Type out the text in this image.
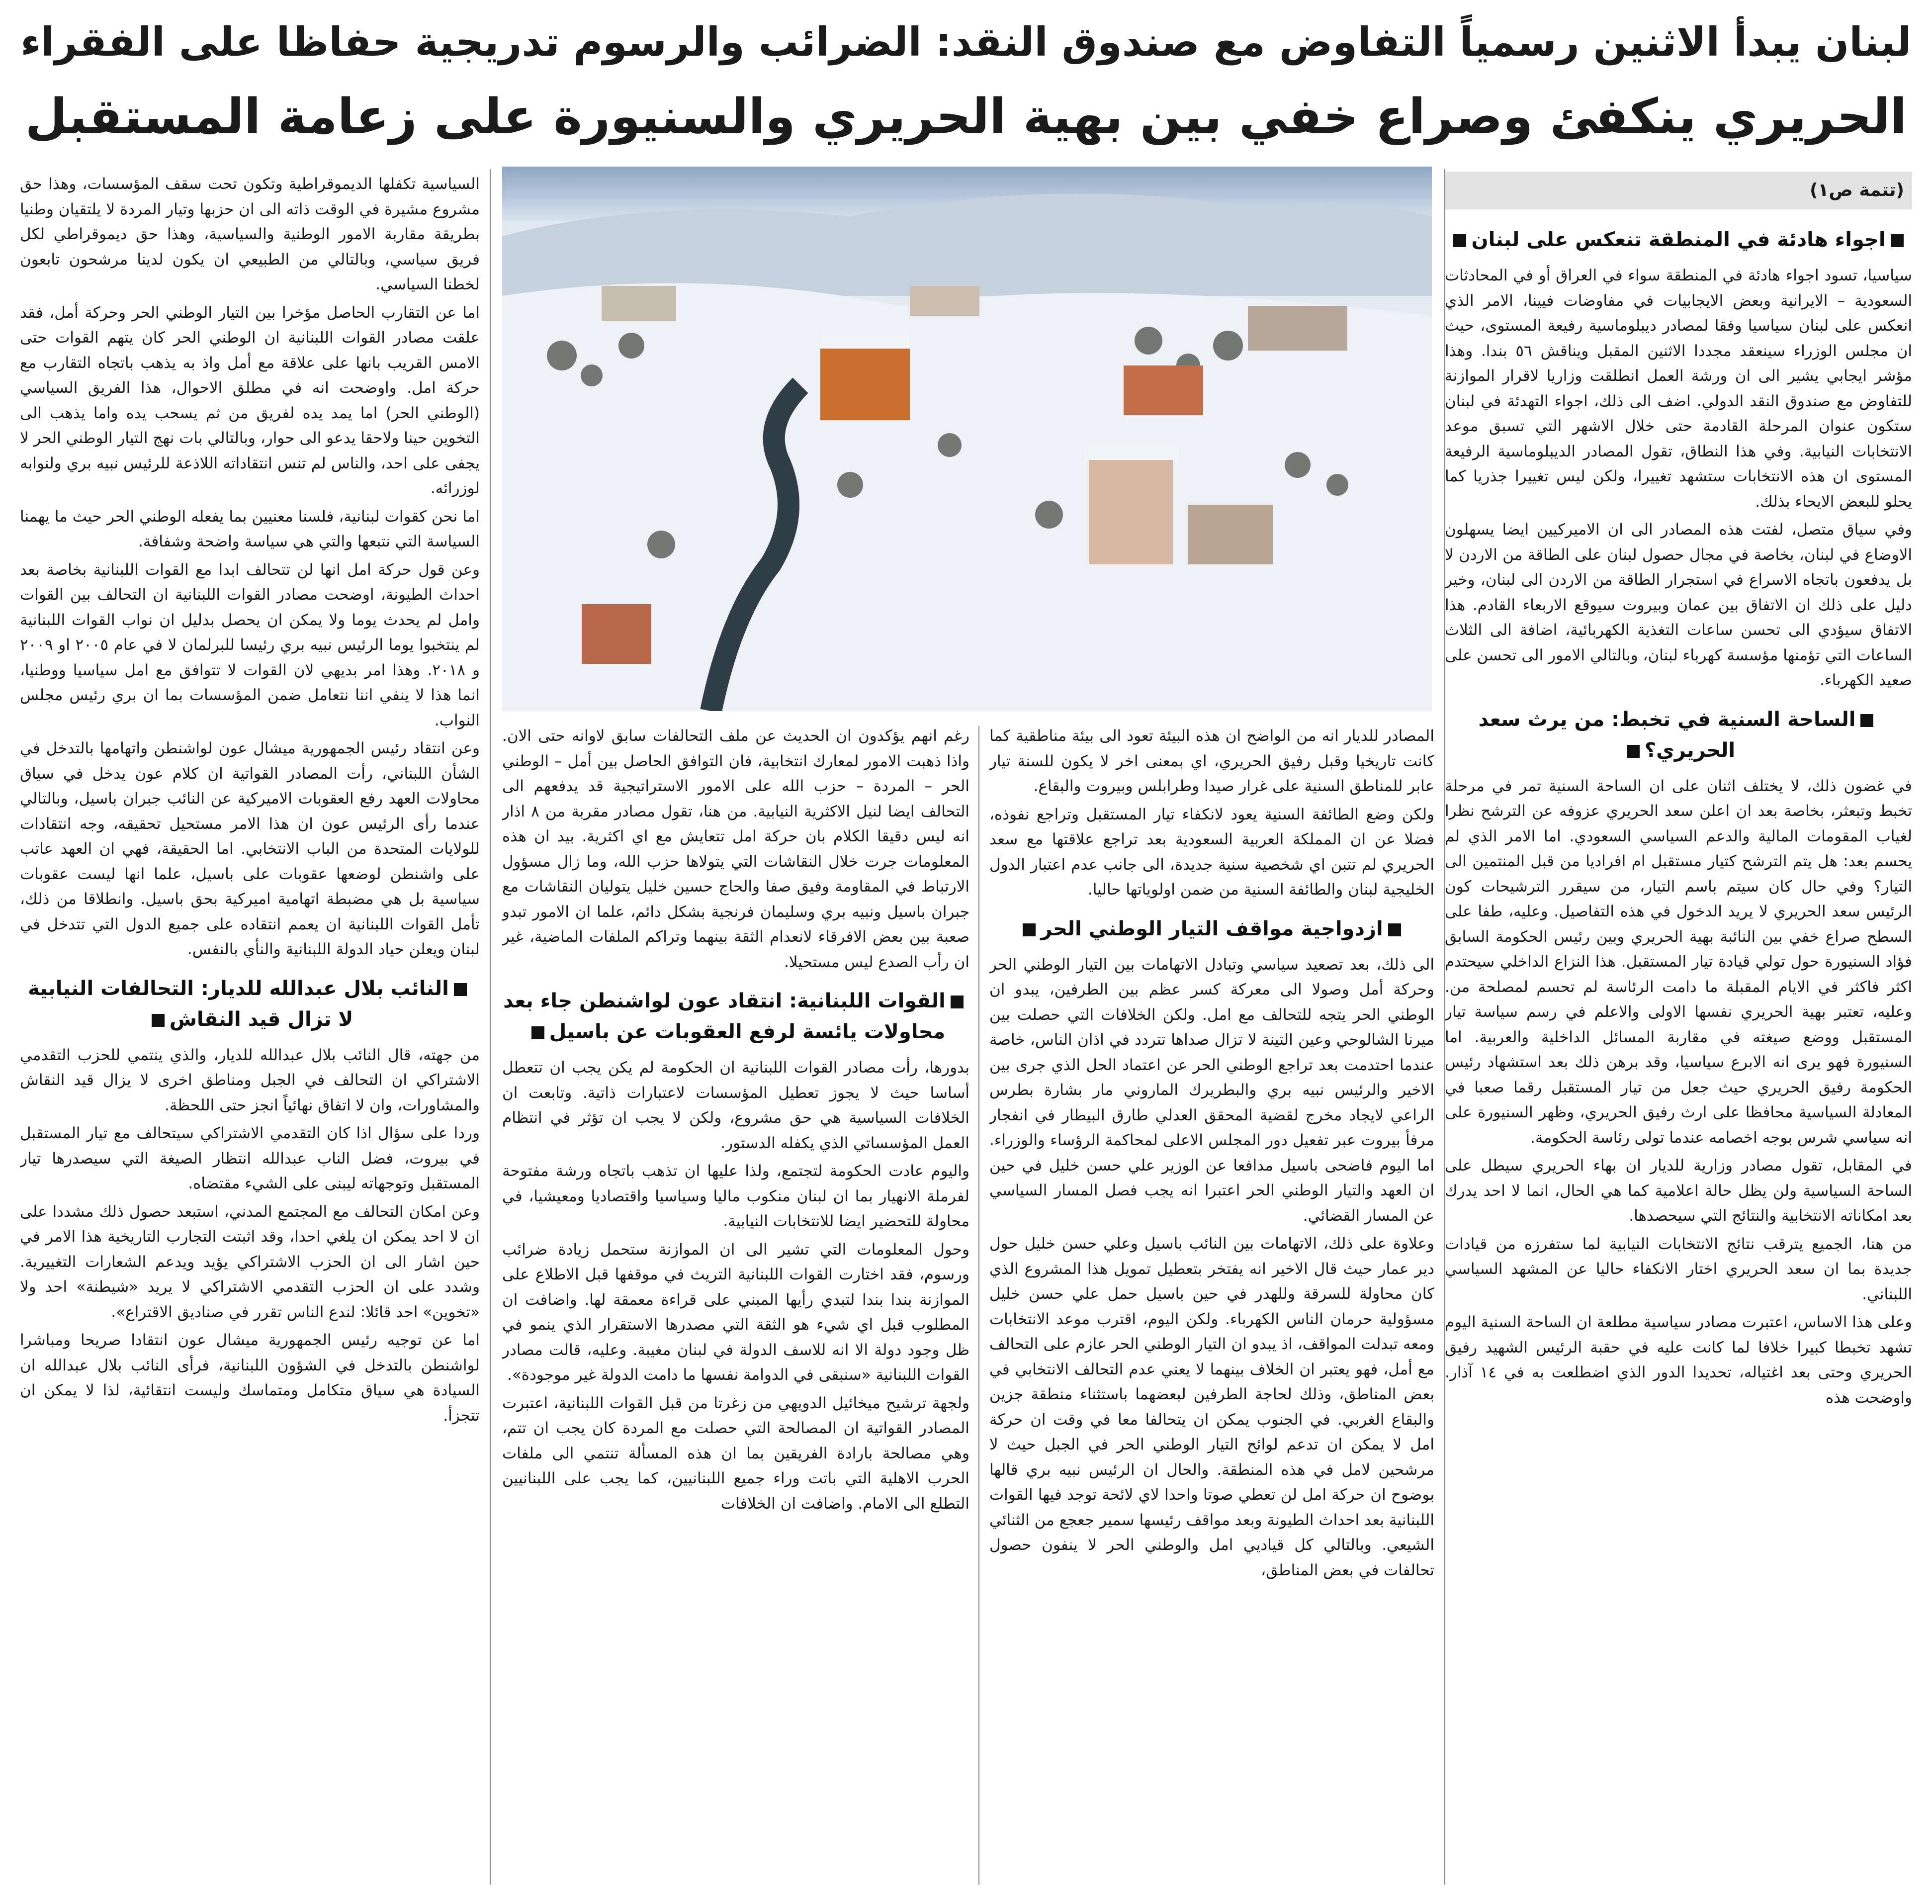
لبنان يبدأ الاثنين رسمياً التفاوض مع صندوق النقد: الضرائب والرسوم تدريجية حفاظا على الفقراء
الحريري ينكفئ وصراع خفي بين بهية الحريري والسنيورة على زعامة المستقبل
(تتمة ص١)
اجواء هادئة في المنطقة تنعكس على لبنان

سياسيا، تسود اجواء هادئة في المنطقة سواء في العراق أو في المحادثات السعودية – الايرانية وبعض الايجابيات في مفاوضات فيينا، الامر الذي انعكس على لبنان سياسيا وفقا لمصادر ديبلوماسية رفيعة المستوى، حيث ان مجلس الوزراء سينعقد مجددا الاثنين المقبل ويناقش ٥٦ بندا. وهذا مؤشر ايجابي يشير الى ان ورشة العمل انطلقت وزاريا لاقرار الموازنة للتفاوض مع صندوق النقد الدولي. اضف الى ذلك، اجواء التهدئة في لبنان ستكون عنوان المرحلة القادمة حتى خلال الاشهر التي تسبق موعد الانتخابات النيابية. وفي هذا النطاق، تقول المصادر الديبلوماسية الرفيعة المستوى ان هذه الانتخابات ستشهد تغييرا، ولكن ليس تغييرا جذريا كما يحلو للبعض الايحاء بذلك.

وفي سياق متصل، لفتت هذه المصادر الى ان الاميركيين ايضا يسهلون الاوضاع في لبنان، بخاصة في مجال حصول لبنان على الطاقة من الاردن لا بل يدفعون باتجاه الاسراع في استجرار الطاقة من الاردن الى لبنان، وخير دليل على ذلك ان الاتفاق بين عمان وبيروت سيوقع الاربعاء القادم. هذا الاتفاق سيؤدي الى تحسن ساعات التغذية الكهربائية، اضافة الى الثلاث الساعات التي تؤمنها مؤسسة كهرباء لبنان، وبالتالي الامور الى تحسن على صعيد الكهرباء.

الساحة السنية في تخبط: من يرث سعد الحريري؟

في غضون ذلك، لا يختلف اثنان على ان الساحة السنية تمر في مرحلة تخبط وتبعثر، بخاصة بعد ان اعلن سعد الحريري عزوفه عن الترشح نظرا لغياب المقومات المالية والدعم السياسي السعودي. اما الامر الذي لم يحسم بعد: هل يتم الترشح كتيار مستقبل ام افراديا من قبل المنتمين الى التيار؟ وفي حال كان سيتم باسم التيار، من سيقرر الترشيحات كون الرئيس سعد الحريري لا يريد الدخول في هذه التفاصيل. وعليه، طفا على السطح صراع خفي بين النائبة بهية الحريري وبين رئيس الحكومة السابق فؤاد السنيورة حول تولي قيادة تيار المستقبل. هذا النزاع الداخلي سيحتدم اكثر فاكثر في الايام المقبلة ما دامت الرئاسة لم تحسم لمصلحة من. وعليه، تعتبر بهية الحريري نفسها الاولى والاعلم في رسم سياسة تيار المستقبل ووضع صيغته في مقاربة المسائل الداخلية والعربية. اما السنيورة فهو يرى انه الابرع سياسيا، وقد برهن ذلك بعد استشهاد رئيس الحكومة رفيق الحريري حيث جعل من تيار المستقبل رقما صعبا في المعادلة السياسية محافظا على ارث رفيق الحريري، وظهر السنيورة على انه سياسي شرس بوجه اخصامه عندما تولى رئاسة الحكومة.

في المقابل، تقول مصادر وزارية للديار ان بهاء الحريري سيطل على الساحة السياسية ولن يظل حالة اعلامية كما هي الحال، انما لا احد يدرك بعد امكاناته الانتخابية والنتائج التي سيحصدها.

من هنا، الجميع يترقب نتائج الانتخابات النيابية لما ستفرزه من قيادات جديدة بما ان سعد الحريري اختار الانكفاء حاليا عن المشهد السياسي اللبناني.

وعلى هذا الاساس، اعتبرت مصادر سياسية مطلعة ان الساحة السنية اليوم تشهد تخبطا كبيرا خلافا لما كانت عليه في حقبة الرئيس الشهيد رفيق الحريري وحتى بعد اغتياله، تحديدا الدور الذي اضطلعت به في ١٤ آذار. واوضحت هذه

المصادر للديار انه من الواضح ان هذه البيئة تعود الى بيئة مناطقية كما كانت تاريخيا وقبل رفيق الحريري، اي بمعنى اخر لا يكون للسنة تيار عابر للمناطق السنية على غرار صيدا وطرابلس وبيروت والبقاع.

ولكن وضع الطائفة السنية يعود لانكفاء تيار المستقبل وتراجع نفوذه، فضلا عن ان المملكة العربية السعودية بعد تراجع علاقتها مع سعد الحريري لم تتبن اي شخصية سنية جديدة، الى جانب عدم اعتبار الدول الخليجية لبنان والطائفة السنية من ضمن اولوياتها حاليا.

ازدواجية مواقف التيار الوطني الحر

الى ذلك، بعد تصعيد سياسي وتبادل الاتهامات بين التيار الوطني الحر وحركة أمل وصولا الى معركة كسر عظم بين الطرفين، يبدو ان الوطني الحر يتجه للتحالف مع امل. ولكن الخلافات التي حصلت بين ميرنا الشالوحي وعين التينة لا تزال صداها تتردد في اذان الناس، خاصة عندما احتدمت بعد تراجع الوطني الحر عن اعتماد الحل الذي جرى بين الاخير والرئيس نبيه بري والبطريرك الماروني مار بشارة بطرس الراعي لايجاد مخرج لقضية المحقق العدلي طارق البيطار في انفجار مرفأ بيروت عبر تفعيل دور المجلس الاعلى لمحاكمة الرؤساء والوزراء. اما اليوم فاضحى باسيل مدافعا عن الوزير علي حسن خليل في حين ان العهد والتيار الوطني الحر اعتبرا انه يجب فصل المسار السياسي عن المسار القضائي.

وعلاوة على ذلك، الاتهامات بين النائب باسيل وعلي حسن خليل حول دير عمار حيث قال الاخير انه يفتخر بتعطيل تمويل هذا المشروع الذي كان محاولة للسرقة وللهدر في حين باسيل حمل علي حسن خليل مسؤولية حرمان الناس الكهرباء. ولكن اليوم، اقترب موعد الانتخابات ومعه تبدلت المواقف، اذ يبدو ان التيار الوطني الحر عازم على التحالف مع أمل، فهو يعتبر ان الخلاف بينهما لا يعني عدم التحالف الانتخابي في بعض المناطق، وذلك لحاجة الطرفين لبعضهما باستثناء منطقة جزين والبقاع الغربي. في الجنوب يمكن ان يتحالفا معا في وقت ان حركة امل لا يمكن ان تدعم لوائح التيار الوطني الحر في الجبل حيث لا مرشحين لامل في هذه المنطقة. والحال ان الرئيس نبيه بري قالها بوضوح ان حركة امل لن تعطي صوتا واحدا لاي لائحة توجد فيها القوات اللبنانية بعد احداث الطيونة وبعد مواقف رئيسها سمير جعجع من الثنائي الشيعي. وبالتالي كل قياديي امل والوطني الحر لا ينفون حصول تحالفات في بعض المناطق،

رغم انهم يؤكدون ان الحديث عن ملف التحالفات سابق لاوانه حتى الان. واذا ذهبت الامور لمعارك انتخابية، فان التوافق الحاصل بين أمل – الوطني الحر – المردة – حزب الله على الامور الاستراتيجية قد يدفعهم الى التحالف ايضا لنيل الاكثرية النيابية. من هنا، تقول مصادر مقربة من ٨ اذار انه ليس دقيقا الكلام بان حركة امل تتعايش مع اي اكثرية. بيد ان هذه المعلومات جرت خلال النقاشات التي يتولاها حزب الله، وما زال مسؤول الارتباط في المقاومة وفيق صفا والحاج حسين خليل يتوليان النقاشات مع جبران باسيل ونبيه بري وسليمان فرنجية بشكل دائم، علما ان الامور تبدو صعبة بين بعض الافرقاء لانعدام الثقة بينهما وتراكم الملفات الماضية، غير ان رأب الصدع ليس مستحيلا.

القوات اللبنانية: انتقاد عون لواشنطن جاء بعد محاولات يائسة لرفع العقوبات عن باسيل

بدورها، رأت مصادر القوات اللبنانية ان الحكومة لم يكن يجب ان تتعطل أساسا حيث لا يجوز تعطيل المؤسسات لاعتبارات ذاتية. وتابعت ان الخلافات السياسية هي حق مشروع، ولكن لا يجب ان تؤثر في انتظام العمل المؤسساتي الذي يكفله الدستور.

واليوم عادت الحكومة لتجتمع، ولذا عليها ان تذهب باتجاه ورشة مفتوحة لفرملة الانهيار بما ان لبنان منكوب ماليا وسياسيا واقتصاديا ومعيشيا، في محاولة للتحضير ايضا للانتخابات النيابية.

وحول المعلومات التي تشير الى ان الموازنة ستحمل زيادة ضرائب ورسوم، فقد اختارت القوات اللبنانية التريث في موقفها قبل الاطلاع على الموازنة بندا بندا لتبدي رأيها المبني على قراءة معمقة لها. واضافت ان المطلوب قبل اي شيء هو الثقة التي مصدرها الاستقرار الذي ينمو في ظل وجود دولة الا انه للاسف الدولة في لبنان مغيبة. وعليه، قالت مصادر القوات اللبنانية «سنبقى في الدوامة نفسها ما دامت الدولة غير موجودة».

ولجهة ترشيح ميخائيل الدويهي من زغرتا من قبل القوات اللبنانية، اعتبرت المصادر القواتية ان المصالحة التي حصلت مع المردة كان يجب ان تتم، وهي مصالحة بارادة الفريقين بما ان هذه المسألة تنتمي الى ملفات الحرب الاهلية التي باتت وراء جميع اللبنانيين، كما يجب على اللبنانيين التطلع الى الامام. واضافت ان الخلافات

السياسية تكفلها الديموقراطية وتكون تحت سقف المؤسسات، وهذا حق مشروع مشيرة في الوقت ذاته الى ان حزبها وتيار المردة لا يلتقيان وطنيا بطريقة مقاربة الامور الوطنية والسياسية، وهذا حق ديموقراطي لكل فريق سياسي، وبالتالي من الطبيعي ان يكون لدينا مرشحون تابعون لخطنا السياسي.

اما عن التقارب الحاصل مؤخرا بين التيار الوطني الحر وحركة أمل، فقد علقت مصادر القوات اللبنانية ان الوطني الحر كان يتهم القوات حتى الامس القريب بانها على علاقة مع أمل واذ به يذهب باتجاه التقارب مع حركة امل. واوضحت انه في مطلق الاحوال، هذا الفريق السياسي (الوطني الحر) اما يمد يده لفريق من ثم يسحب يده واما يذهب الى التخوين حينا ولاحقا يدعو الى حوار، وبالتالي بات نهج التيار الوطني الحر لا يجفى على احد، والناس لم تنس انتقاداته اللاذعة للرئيس نبيه بري ولنوابه لوزرائه.

اما نحن كقوات لبنانية، فلسنا معنيين بما يفعله الوطني الحر حيث ما يهمنا السياسة التي نتبعها والتي هي سياسة واضحة وشفافة.

وعن قول حركة امل انها لن تتحالف ابدا مع القوات اللبنانية بخاصة بعد احداث الطيونة، اوضحت مصادر القوات اللبنانية ان التحالف بين القوات وامل لم يحدث يوما ولا يمكن ان يحصل بدليل ان نواب القوات اللبنانية لم ينتخبوا يوما الرئيس نبيه بري رئيسا للبرلمان لا في عام ٢٠٠٥ او ٢٠٠٩ و ٢٠١٨. وهذا امر بديهي لان القوات لا تتوافق مع امل سياسيا ووطنيا، انما هذا لا ينفي اننا نتعامل ضمن المؤسسات بما ان بري رئيس مجلس النواب.

وعن انتقاد رئيس الجمهورية ميشال عون لواشنطن واتهامها بالتدخل في الشأن اللبناني، رأت المصادر القواتية ان كلام عون يدخل في سياق محاولات العهد رفع العقوبات الاميركية عن النائب جبران باسيل، وبالتالي عندما رأى الرئيس عون ان هذا الامر مستحيل تحقيقه، وجه انتقادات للولايات المتحدة من الباب الانتخابي. اما الحقيقة، فهي ان العهد عاتب على واشنطن لوضعها عقوبات على باسيل، علما انها ليست عقوبات سياسية بل هي مضبطة اتهامية اميركية بحق باسيل. وانطلاقا من ذلك، تأمل القوات اللبنانية ان يعمم انتقاده على جميع الدول التي تتدخل في لبنان ويعلن حياد الدولة اللبنانية والنأي بالنفس.

النائب بلال عبدالله للديار: التحالفات النيابية لا تزال قيد النقاش

من جهته، قال النائب بلال عبدالله للديار، والذي ينتمي للحزب التقدمي الاشتراكي ان التحالف في الجبل ومناطق اخرى لا يزال قيد النقاش والمشاورات، وان لا اتفاق نهائياً انجز حتى اللحظة.

وردا على سؤال اذا كان التقدمي الاشتراكي سيتحالف مع تيار المستقبل في بيروت، فضل الناب عبدالله انتظار الصيغة التي سيصدرها تيار المستقبل وتوجهاته ليبنى على الشيء مقتضاه.

وعن امكان التحالف مع المجتمع المدني، استبعد حصول ذلك مشددا على ان لا احد يمكن ان يلغي احدا، وقد اثبتت التجارب التاريخية هذا الامر في حين اشار الى ان الحزب الاشتراكي يؤيد ويدعم الشعارات التغييرية. وشدد على ان الحزب التقدمي الاشتراكي لا يريد «شيطنة» احد ولا «تخوين» احد قائلا: لندع الناس تقرر في صناديق الاقتراع».

اما عن توجيه رئيس الجمهورية ميشال عون انتقادا صريحا ومباشرا لواشنطن بالتدخل في الشؤون اللبنانية، فرأى النائب بلال عبدالله ان السيادة هي سياق متكامل ومتماسك وليست انتقائية، لذا لا يمكن ان تتجزأ.
